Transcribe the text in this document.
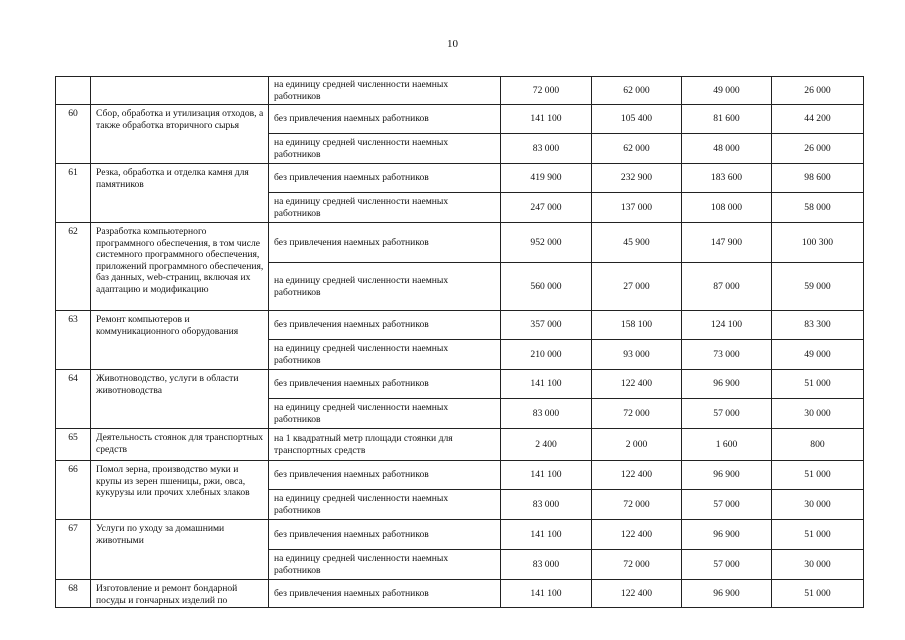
10
		на единицу средней численности наемных работников	72 000	62 000	49 000	26 000
60	Сбор, обработка и утилизация отходов, а также обработка вторичного сырья	без привлечения наемных работников	141 100	105 400	81 600	44 200
		на единицу средней численности наемных работников	83 000	62 000	48 000	26 000
61	Резка, обработка и отделка камня для памятников	без привлечения наемных работников	419 900	232 900	183 600	98 600
		на единицу средней численности наемных работников	247 000	137 000	108 000	58 000
62	Разработка компьютерного программного обеспечения, в том числе системного программного обеспечения, приложений программного обеспечения, баз данных, web-страниц, включая их адаптацию и модификацию	без привлечения наемных работников	952 000	45 900	147 900	100 300
		на единицу средней численности наемных работников	560 000	27 000	87 000	59 000
63	Ремонт компьютеров и коммуникационного оборудования	без привлечения наемных работников	357 000	158 100	124 100	83 300
		на единицу средней численности наемных работников	210 000	93 000	73 000	49 000
64	Животноводство, услуги в области животноводства	без привлечения наемных работников	141 100	122 400	96 900	51 000
		на единицу средней численности наемных работников	83 000	72 000	57 000	30 000
65	Деятельность стоянок для транспортных средств	на 1 квадратный метр площади стоянки для транспортных средств	2 400	2 000	1 600	800
66	Помол зерна, производство муки и крупы из зерен пшеницы, ржи, овса, кукурузы или прочих хлебных злаков	без привлечения наемных работников	141 100	122 400	96 900	51 000
		на единицу средней численности наемных работников	83 000	72 000	57 000	30 000
67	Услуги по уходу за домашними животными	без привлечения наемных работников	141 100	122 400	96 900	51 000
		на единицу средней численности наемных работников	83 000	72 000	57 000	30 000
68	Изготовление и ремонт бондарной посуды и гончарных изделий по	без привлечения наемных работников	141 100	122 400	96 900	51 000
